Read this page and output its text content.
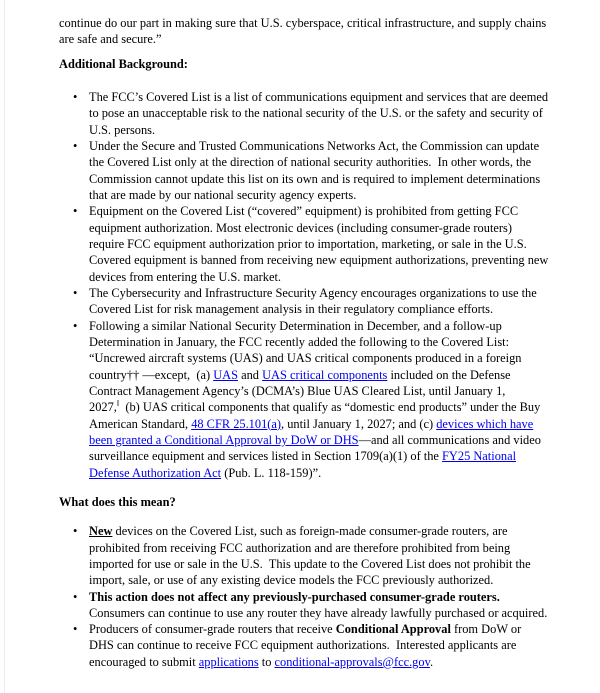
continue do our part in making sure that U.S. cyberspace, critical infrastructure, and supply chains
are safe and secure.”
Additional Background:
• The FCC’s Covered List is a list of communications equipment and services that are deemed
to pose an unacceptable risk to the national security of the U.S. or the safety and security of
U.S. persons.
• Under the Secure and Trusted Communications Networks Act, the Commission can update
the Covered List only at the direction of national security authorities.  In other words, the
Commission cannot update this list on its own and is required to implement determinations
that are made by our national security agency experts.
• Equipment on the Covered List (“covered” equipment) is prohibited from getting FCC
equipment authorization. Most electronic devices (including consumer-grade routers)
require FCC equipment authorization prior to importation, marketing, or sale in the U.S.
Covered equipment is banned from receiving new equipment authorizations, preventing new
devices from entering the U.S. market.
• The Cybersecurity and Infrastructure Security Agency encourages organizations to use the
Covered List for risk management analysis in their regulatory compliance efforts.
• Following a similar National Security Determination in December, and a follow-up
Determination in January, the FCC recently added the following to the Covered List:
“Uncrewed aircraft systems (UAS) and UAS critical components produced in a foreign
country†† —except,  (a) UAS and UAS critical components included on the Defense
Contract Management Agency’s (DCMA’s) Blue UAS Cleared List, until January 1,
2027,‖  (b) UAS critical components that qualify as “domestic end products” under the Buy
American Standard, 48 CFR 25.101(a), until January 1, 2027; and (c) devices which have
been granted a Conditional Approval by DoW or DHS—and all communications and video
surveillance equipment and services listed in Section 1709(a)(1) of the FY25 National
Defense Authorization Act (Pub. L. 118-159)”.
What does this mean?
• New devices on the Covered List, such as foreign-made consumer-grade routers, are
prohibited from receiving FCC authorization and are therefore prohibited from being
imported for use or sale in the U.S.  This update to the Covered List does not prohibit the
import, sale, or use of any existing device models the FCC previously authorized.
• This action does not affect any previously-purchased consumer-grade routers.
Consumers can continue to use any router they have already lawfully purchased or acquired.
• Producers of consumer-grade routers that receive Conditional Approval from DoW or
DHS can continue to receive FCC equipment authorizations.  Interested applicants are
encouraged to submit applications to conditional-approvals@fcc.gov.
